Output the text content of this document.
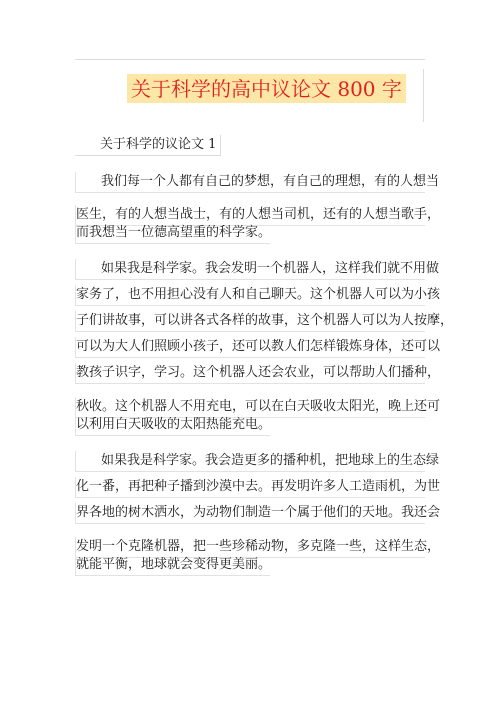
关于科学的高中议论文 800 字
关于科学的议论文 1
我们每一个人都有自己的梦想，有自己的理想，有的人想当
医生，有的人想当战士，有的人想当司机，还有的人想当歌手，
而我想当一位德高望重的科学家。
如果我是科学家。我会发明一个机器人，这样我们就不用做
家务了，也不用担心没有人和自己聊天。这个机器人可以为小孩
子们讲故事，可以讲各式各样的故事，这个机器人可以为人按摩，
可以为大人们照顾小孩子，还可以教人们怎样锻炼身体，还可以
教孩子识字，学习。这个机器人还会农业，可以帮助人们播种，
秋收。这个机器人不用充电，可以在白天吸收太阳光，晚上还可
以利用白天吸收的太阳热能充电。
如果我是科学家。我会造更多的播种机，把地球上的生态绿
化一番，再把种子播到沙漠中去。再发明许多人工造雨机，为世
界各地的树木洒水，为动物们制造一个属于他们的天地。我还会
发明一个克隆机器，把一些珍稀动物，多克隆一些，这样生态，
就能平衡，地球就会变得更美丽。
